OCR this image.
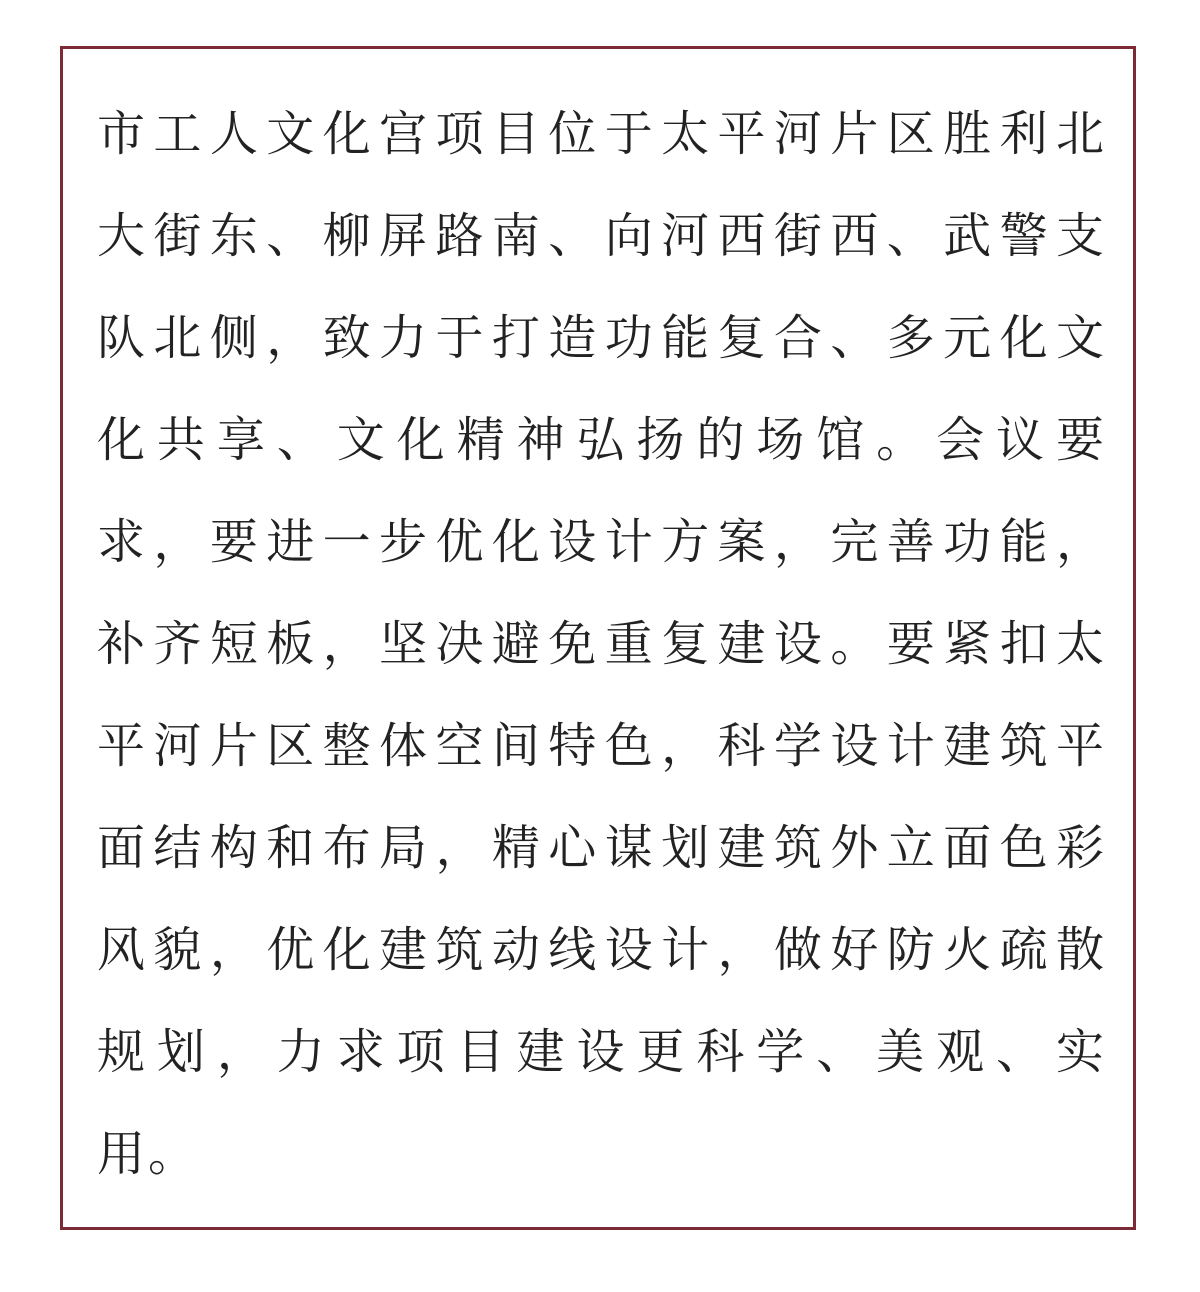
市工人文化宫项目位于太平河片区胜利北
大街东、柳屏路南、向河西街西、武警支
队北侧，致力于打造功能复合、多元化文
化共享、文化精神弘扬的场馆。会议要
求，要进一步优化设计方案，完善功能，
补齐短板，坚决避免重复建设。要紧扣太
平河片区整体空间特色，科学设计建筑平
面结构和布局，精心谋划建筑外立面色彩
风貌，优化建筑动线设计，做好防火疏散
规划，力求项目建设更科学、美观、实
用。
